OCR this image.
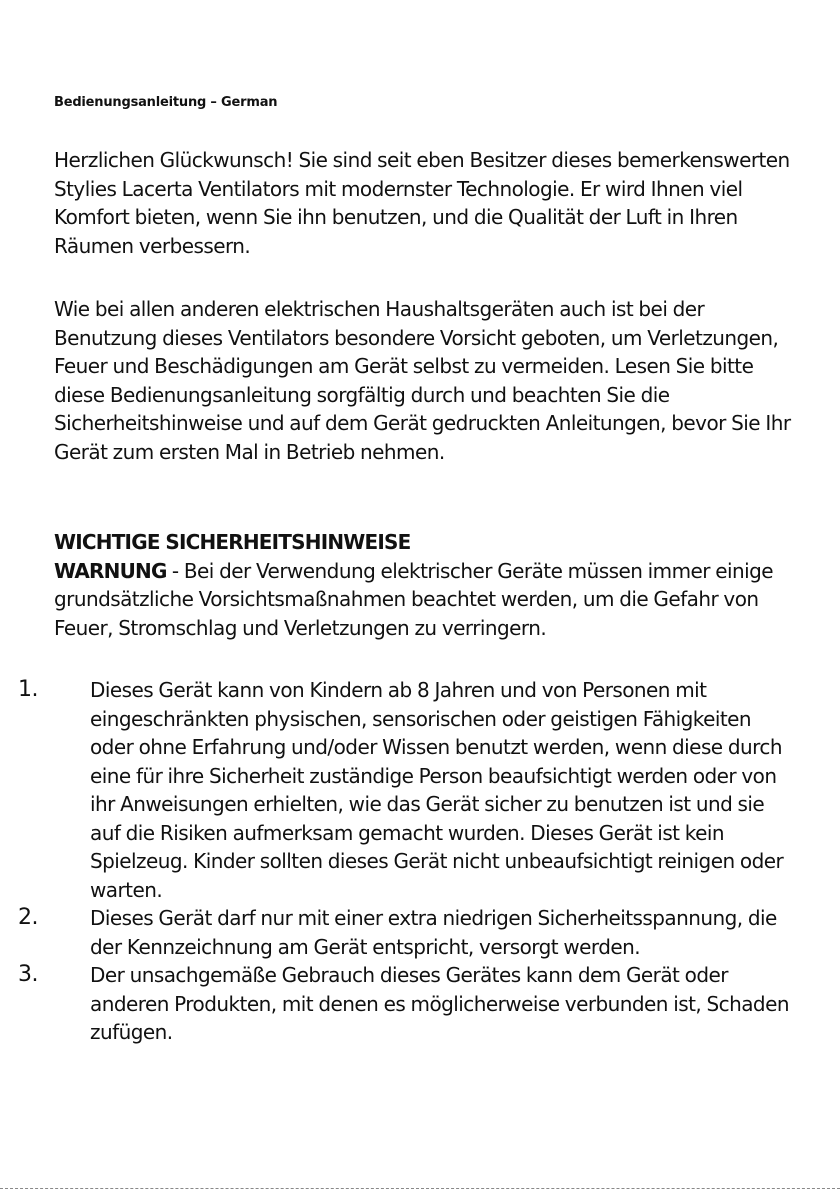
Bedienungsanleitung – German
Herzlichen Glückwunsch! Sie sind seit eben Besitzer dieses bemerkenswerten Stylies Lacerta Ventilators mit modernster Technologie. Er wird Ihnen viel Komfort bieten, wenn Sie ihn benutzen, und die Qualität der Luft in Ihren Räumen verbessern.
Wie bei allen anderen elektrischen Haushaltsgeräten auch ist bei der Benutzung dieses Ventilators besondere Vorsicht geboten, um Verletzungen, Feuer und Beschädigungen am Gerät selbst zu vermeiden. Lesen Sie bitte diese Bedienungsanleitung sorgfältig durch und beachten Sie die Sicherheitshinweise und auf dem Gerät gedruckten Anleitungen, bevor Sie Ihr Gerät zum ersten Mal in Betrieb nehmen.
WICHTIGE SICHERHEITSHINWEISE
WARNUNG - Bei der Verwendung elektrischer Geräte müssen immer einige grundsätzliche Vorsichtsmaßnahmen beachtet werden, um die Gefahr von Feuer, Stromschlag und Verletzungen zu verringern.
1.	Dieses Gerät kann von Kindern ab 8 Jahren und von Personen mit eingeschränkten physischen, sensorischen oder geistigen Fähigkeiten oder ohne Erfahrung und/oder Wissen benutzt werden, wenn diese durch eine für ihre Sicherheit zuständige Person beaufsichtigt werden oder von ihr Anweisungen erhielten, wie das Gerät sicher zu benutzen ist und sie auf die Risiken aufmerksam gemacht wurden. Dieses Gerät ist kein Spielzeug. Kinder sollten dieses Gerät nicht unbeaufsichtigt reinigen oder warten.
2.	Dieses Gerät darf nur mit einer extra niedrigen Sicherheitsspannung, die der Kennzeichnung am Gerät entspricht, versorgt werden.
3.	Der unsachgemäße Gebrauch dieses Gerätes kann dem Gerät oder anderen Produkten, mit denen es möglicherweise verbunden ist, Schaden zufügen.
